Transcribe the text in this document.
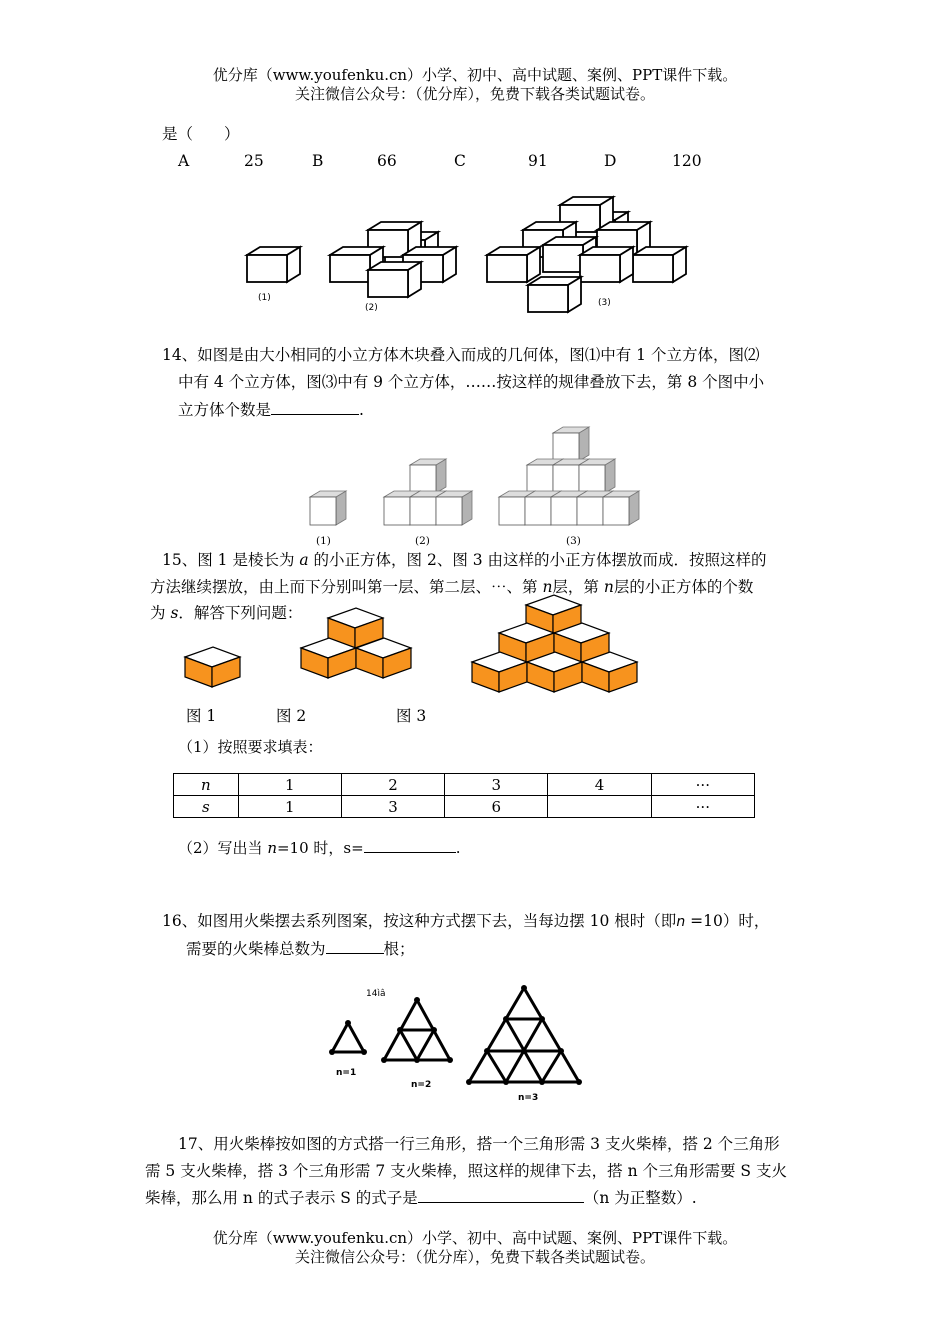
优分库（www.youfenku.cn）小学、初中、高中试题、案例、PPT课件下载。
关注微信公众号：（优分库），免费下载各类试题试卷。
是（　　）
A	25	B	66	C	91	D	120
(1)
(2)	(3)
14、如图是由大小相同的小立方体木块叠入而成的几何体，图⑴中有 1 个立方体，图⑵
中有 4 个立方体，图⑶中有 9 个立方体，……按这样的规律叠放下去，第 8 个图中小
立方体个数是	.
(1)	(2)	(3)
15、图 1 是棱长为 a 的小正方体，图 2、图 3 由这样的小正方体摆放而成．按照这样的
方法继续摆放，由上而下分别叫第一层、第二层、⋯、第 n层，第 n层的小正方体的个数
为 s．解答下列问题：
图 1	图 2	图 3
（1）按照要求填表：
n	1	2	3	4	···
s	1	3	6		···
（2）写出当 n=10 时，s=	.
16、如图用火柴摆去系列图案，按这种方式摆下去，当每边摆 10 根时（即n =10）时，
需要的火柴棒总数为	根；
14ìâ
n=1
n=2
n=3
17、用火柴棒按如图的方式搭一行三角形，搭一个三角形需 3 支火柴棒，搭 2 个三角形
需 5 支火柴棒，搭 3 个三角形需 7 支火柴棒，照这样的规律下去，搭 n 个三角形需要 S 支火
柴棒，那么用 n 的式子表示 S 的式子是	（n 为正整数）.
优分库（www.youfenku.cn）小学、初中、高中试题、案例、PPT课件下载。
关注微信公众号：（优分库），免费下载各类试题试卷。
